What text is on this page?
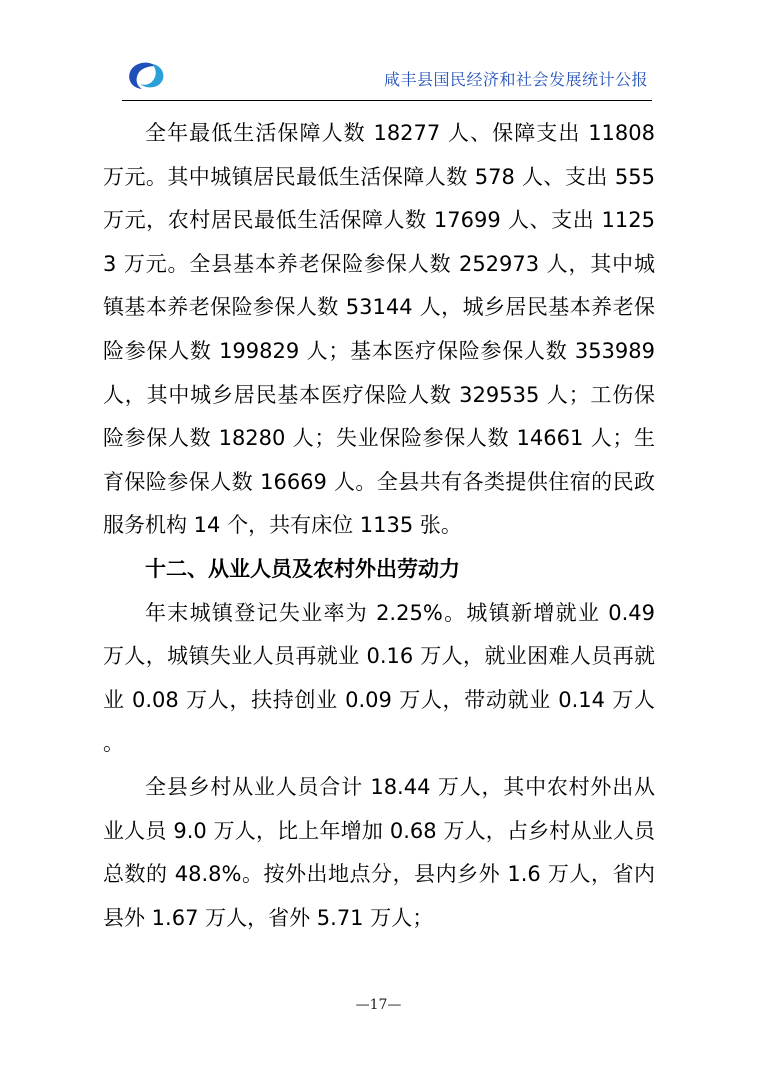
咸丰县国民经济和社会发展统计公报

全年最低生活保障人数 18277 人、保障支出 11808 万元。其中城镇居民最低生活保障人数 578 人、支出 555 万元，农村居民最低生活保障人数 17699 人、支出 11253 万元。全县基本养老保险参保人数 252973 人，其中城镇基本养老保险参保人数 53144 人，城乡居民基本养老保险参保人数 199829 人；基本医疗保险参保人数 353989 人，其中城乡居民基本医疗保险人数 329535 人；工伤保险参保人数 18280 人；失业保险参保人数 14661 人；生育保险参保人数 16669 人。全县共有各类提供住宿的民政服务机构 14 个，共有床位 1135 张。

十二、从业人员及农村外出劳动力

年末城镇登记失业率为 2.25%。城镇新增就业 0.49 万人，城镇失业人员再就业 0.16 万人，就业困难人员再就业 0.08 万人，扶持创业 0.09 万人，带动就业 0.14 万人。

全县乡村从业人员合计 18.44 万人，其中农村外出从业人员 9.0 万人，比上年增加 0.68 万人，占乡村从业人员总数的 48.8%。按外出地点分，县内乡外 1.6 万人，省内县外 1.67 万人，省外 5.71 万人；

—17—
